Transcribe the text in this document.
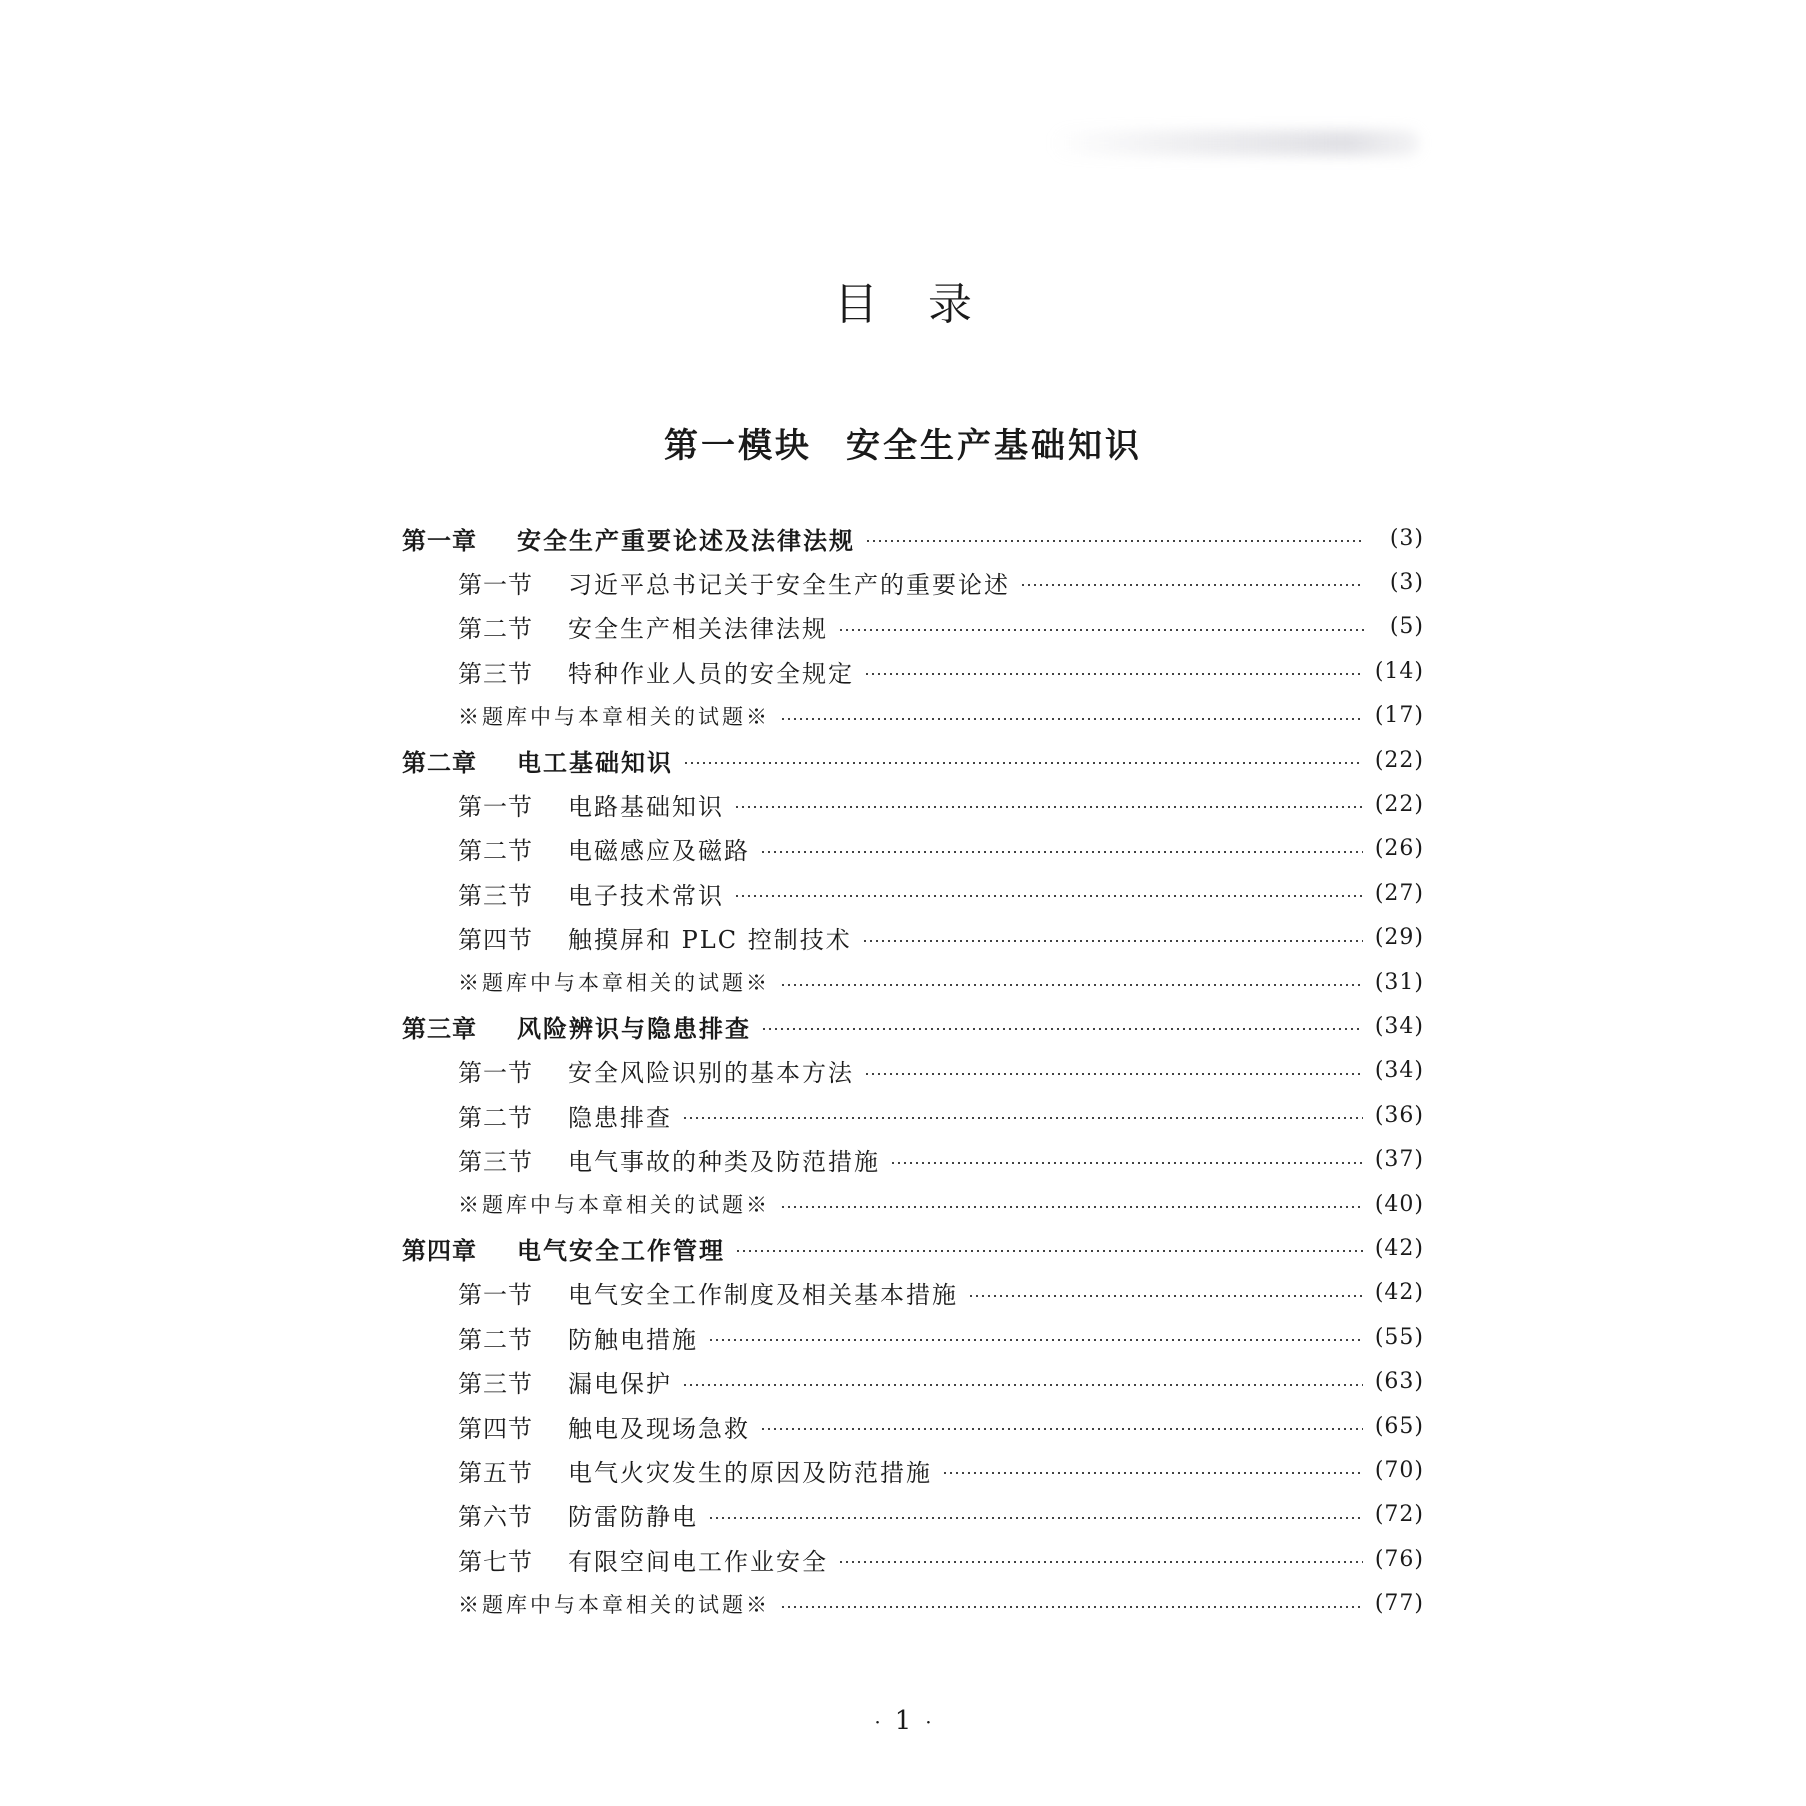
目录
第一模块 安全生产基础知识
第一章	安全生产重要论述及法律法规	(3)
第一节	习近平总书记关于安全生产的重要论述	(3)
第二节	安全生产相关法律法规	(5)
第三节	特种作业人员的安全规定	(14)
※题库中与本章相关的试题※	(17)
第二章	电工基础知识	(22)
第一节	电路基础知识	(22)
第二节	电磁感应及磁路	(26)
第三节	电子技术常识	(27)
第四节	触摸屏和 PLC 控制技术	(29)
※题库中与本章相关的试题※	(31)
第三章	风险辨识与隐患排查	(34)
第一节	安全风险识别的基本方法	(34)
第二节	隐患排查	(36)
第三节	电气事故的种类及防范措施	(37)
※题库中与本章相关的试题※	(40)
第四章	电气安全工作管理	(42)
第一节	电气安全工作制度及相关基本措施	(42)
第二节	防触电措施	(55)
第三节	漏电保护	(63)
第四节	触电及现场急救	(65)
第五节	电气火灾发生的原因及防范措施	(70)
第六节	防雷防静电	(72)
第七节	有限空间电工作业安全	(76)
※题库中与本章相关的试题※	(77)
· 1 ·
